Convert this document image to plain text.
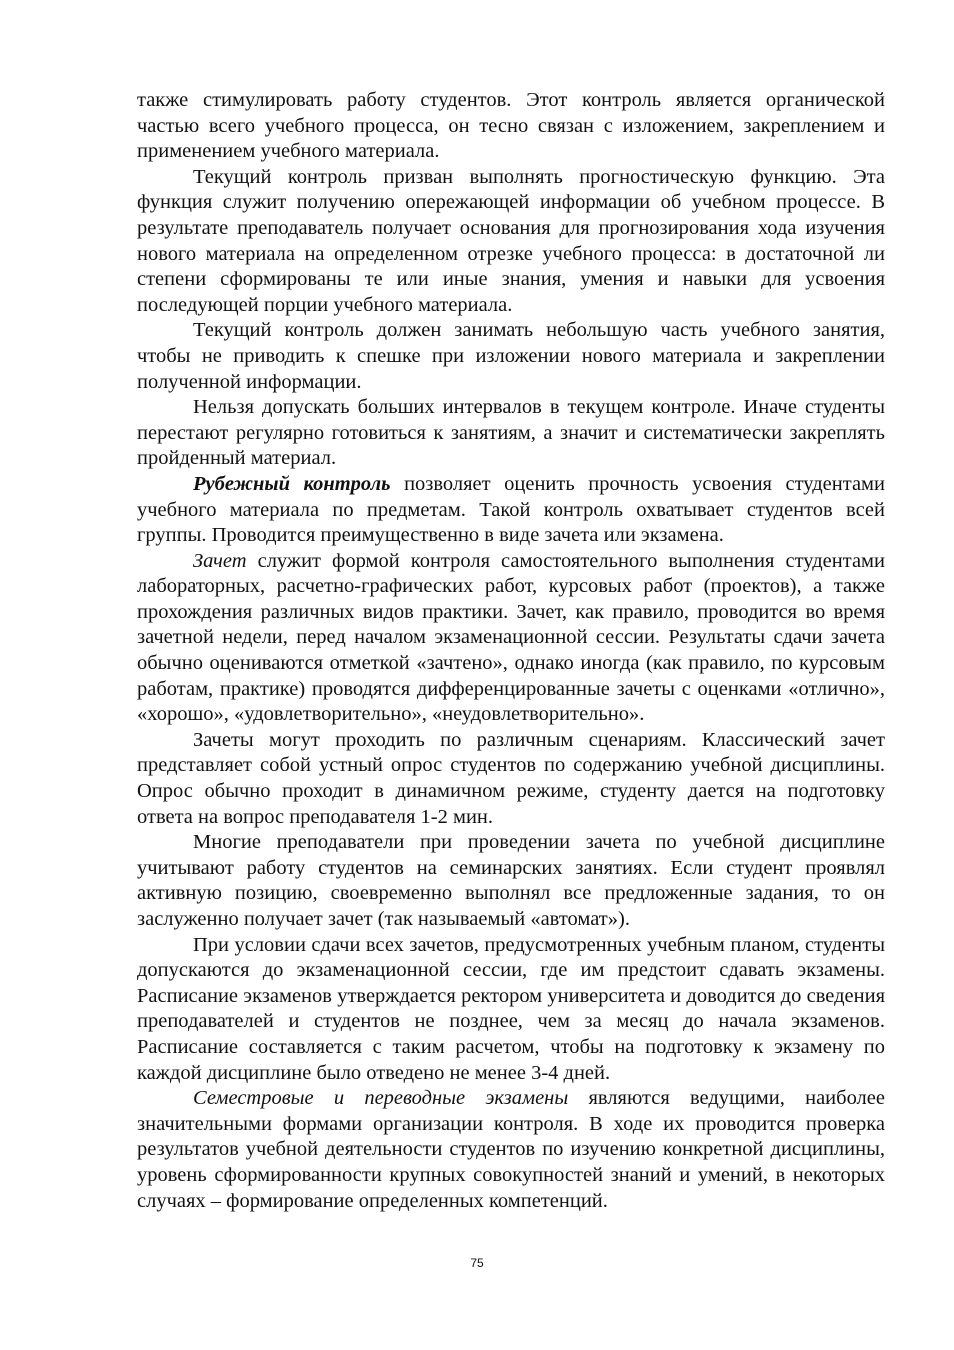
также стимулировать работу студентов. Этот контроль является органической частью всего учебного процесса, он тесно связан с изложением, закреплением и применением учебного материала.

Текущий контроль призван выполнять прогностическую функцию. Эта функция служит получению опережающей информации об учебном процессе. В результате преподаватель получает основания для прогнозирования хода изучения нового материала на определенном отрезке учебного процесса: в достаточной ли степени сформированы те или иные знания, умения и навыки для усвоения последующей порции учебного материала.

Текущий контроль должен занимать небольшую часть учебного занятия, чтобы не приводить к спешке при изложении нового материала и закреплении полученной информации.

Нельзя допускать больших интервалов в текущем контроле. Иначе студенты перестают регулярно готовиться к занятиям, а значит и систематически закреплять пройденный материал.

Рубежный контроль позволяет оценить прочность усвоения студентами учебного материала по предметам. Такой контроль охватывает студентов всей группы. Проводится преимущественно в виде зачета или экзамена.

Зачет служит формой контроля самостоятельного выполнения студентами лабораторных, расчетно-графических работ, курсовых работ (проектов), а также прохождения различных видов практики. Зачет, как правило, проводится во время зачетной недели, перед началом экзаменационной сессии. Результаты сдачи зачета обычно оцениваются отметкой «зачтено», однако иногда (как правило, по курсовым работам, практике) проводятся дифференцированные зачеты с оценками «отлично», «хорошо», «удовлетворительно», «неудовлетворительно».

Зачеты могут проходить по различным сценариям. Классический зачет представляет собой устный опрос студентов по содержанию учебной дисциплины. Опрос обычно проходит в динамичном режиме, студенту дается на подготовку ответа на вопрос преподавателя 1-2 мин.

Многие преподаватели при проведении зачета по учебной дисциплине учитывают работу студентов на семинарских занятиях. Если студент проявлял активную позицию, своевременно выполнял все предложенные задания, то он заслуженно получает зачет (так называемый «автомат»).

При условии сдачи всех зачетов, предусмотренных учебным планом, студенты допускаются до экзаменационной сессии, где им предстоит сдавать экзамены. Расписание экзаменов утверждается ректором университета и доводится до сведения преподавателей и студентов не позднее, чем за месяц до начала экзаменов. Расписание составляется с таким расчетом, чтобы на подготовку к экзамену по каждой дисциплине было отведено не менее 3-4 дней.

Семестровые и переводные экзамены являются ведущими, наиболее значительными формами организации контроля. В ходе их проводится проверка результатов учебной деятельности студентов по изучению конкретной дисциплины, уровень сформированности крупных совокупностей знаний и умений, в некоторых случаях – формирование определенных компетенций.

75
